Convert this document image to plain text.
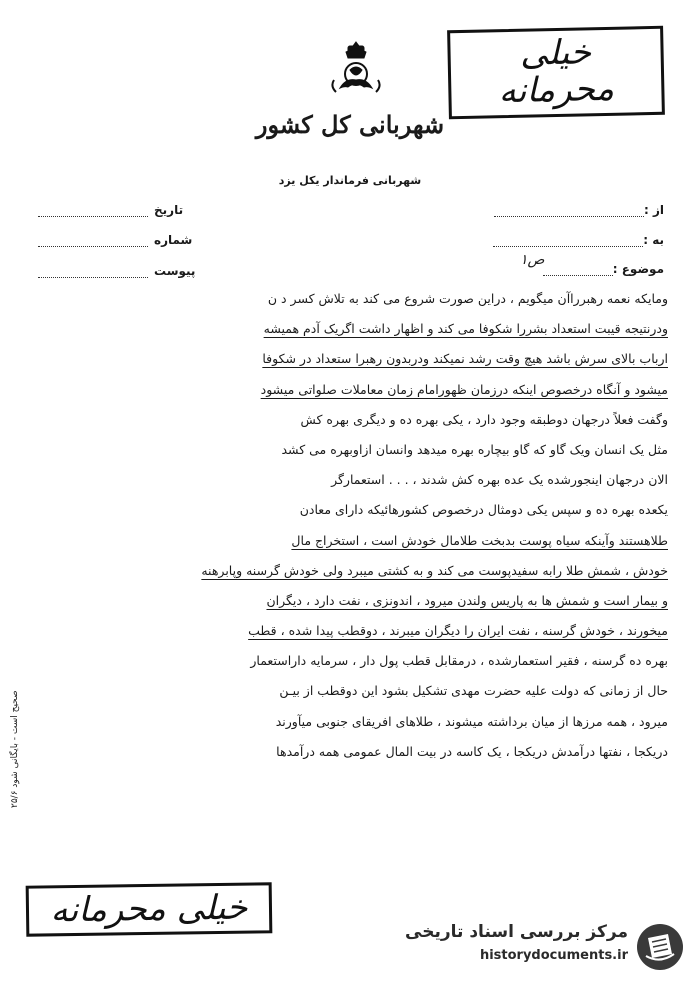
خیلی محرمانه
شهربانی کل کشور
شهربانی فرماندار یکل یزد
تاریخ
شماره
پیوست
از :
به :
موضوع :
ص۱
ومایکه نعمه رهبرراآن میگویم ، دراین صورت شروع می کند به تلاش کسر د ن
ودرنتیجه قیبت استعداد بشررا شکوفا می کند و اظهار داشت اگریک آدم همیشه
ارباب بالای سرش باشد هیچ وقت رشد نمیکند ودربدون رهبرا ستعداد در شکوفا
میشود و آنگاه درخصوص اینکه درزمان ظهورامام زمان معاملات صلواتی میشود
وگفت فعلاً درجهان دوطبقه وجود دارد ، یکی بهره ده و دیگری بهره کش
مثل یک انسان ویک گاو که گاو بیچاره بهره میدهد وانسان ازاوبهره می کشد
الان درجهان اینجورشده یک عده بهره کش شدند ، . . . استعمارگر
یکعده بهره ده و سپس یکی دومثال درخصوص کشورهائیکه دارای معادن
طلاهستند وآینکه سیاه پوست بدبخت طلامال خودش است ، استخراج مال
خودش ، شمش طلا رابه سفیدپوست می کند و به کشتی میبرد ولی خودش گرسنه وپابرهنه
و بیمار است و شمش ها به پاریس ولندن میرود ، اندونزی ، نفت دارد ، دیگران
میخورند ، خودش گرسنه ، نفت ایران را دیگران میبرند ، دوقطب پیدا شده ، قطب
بهره ده گرسنه ، فقیر استعمارشده ، درمقابل قطب پول دار ، سرمایه داراستعمار
حال از زمانی که دولت علیه حضرت مهدی تشکیل بشود این دوقطب از بیـن
میرود ، همه مرزها از میان برداشته میشوند ، طلاهای افریقای جنوبی میآورند
دریکجا ، نفتها درآمدش دریکجا ، یک کاسه در بیت المال عمومی همه درآمدها
صحیح است - بایگانی شود ۲۵/۶
خیلی محرمانه
مرکز بررسی اسناد تاریخی
historydocuments.ir
